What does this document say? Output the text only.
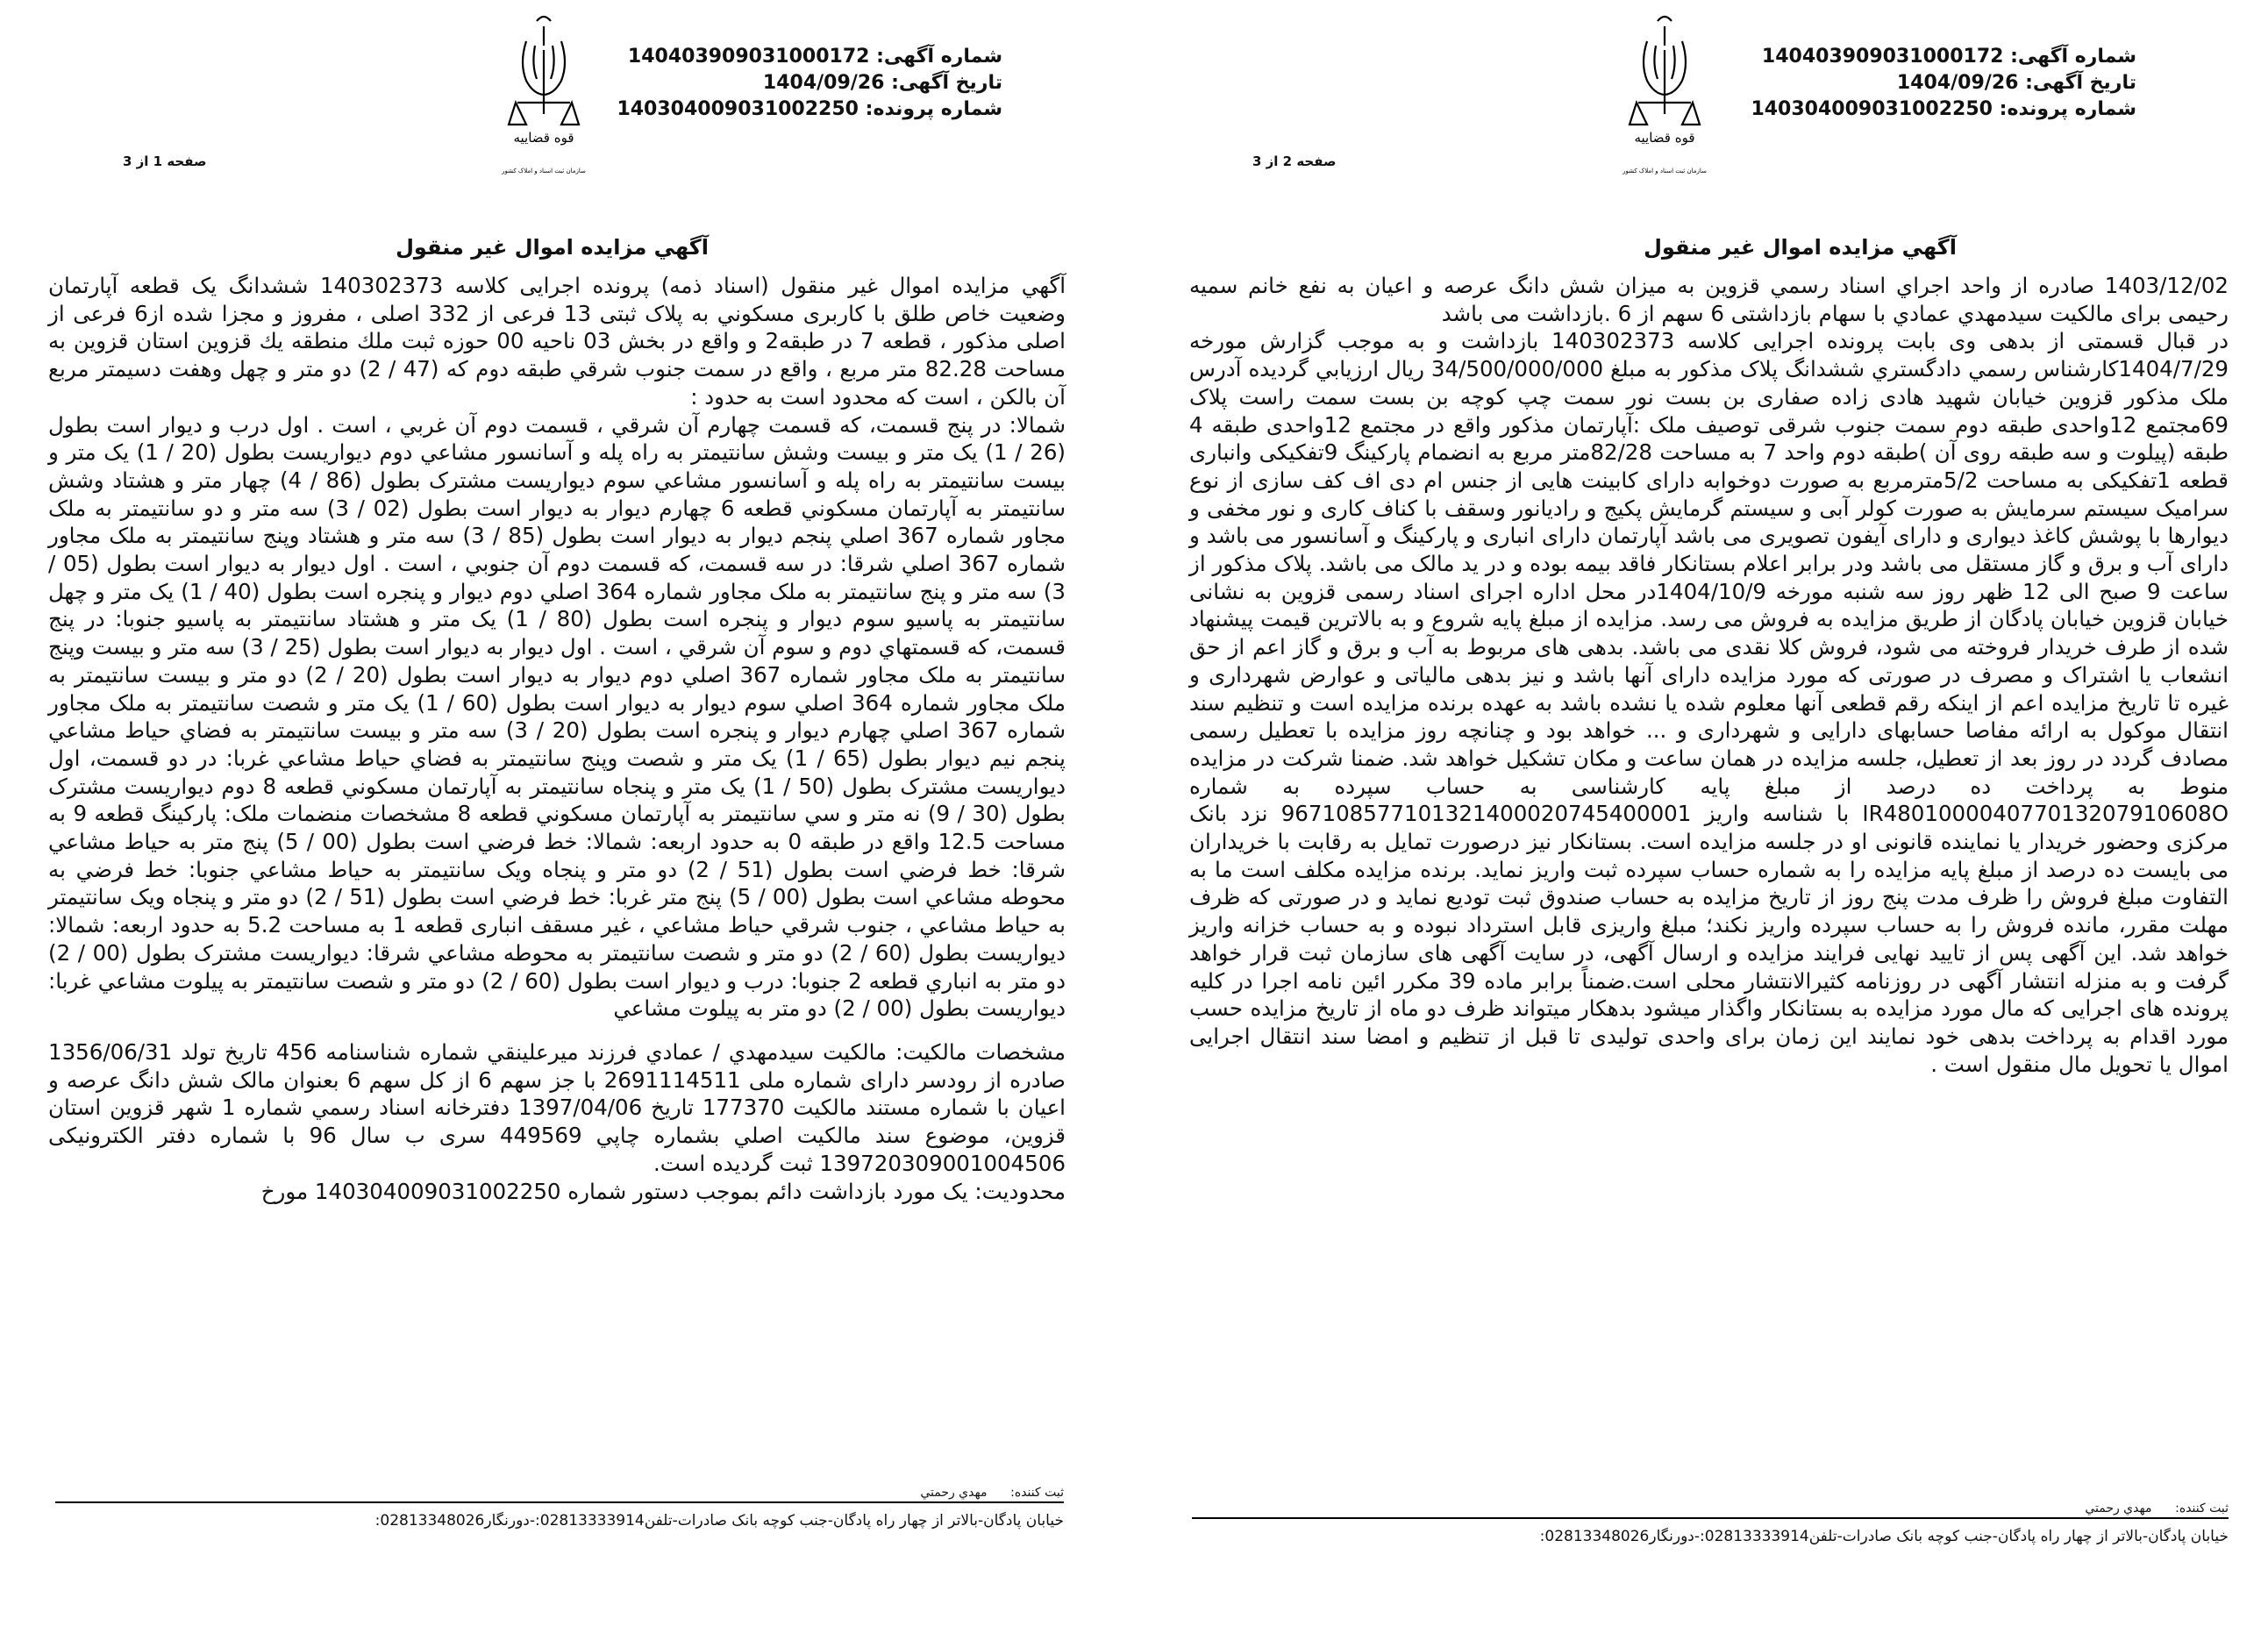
شماره آگهی: 140403909031000172
تاریخ آگهی: 1404/09/26
شماره پرونده: 140304009031002250
قوه قضاییه
سازمان ثبت اسناد و املاک کشور
صفحه 2 از 3
آگهي مزايده اموال غير منقول
1403/12/02 صادره از واحد اجراي اسناد رسمي قزوين به ميزان شش دانگ عرصه و اعيان به نفع خانم سميه رحيمی برای مالکيت سيدمهدي عمادي با سهام بازداشتی 6 سهم از 6 .بازداشت می باشد
در قبال قسمتی از بدهی وی بابت پرونده اجرايی کلاسه 140302373 بازداشت و به موجب گزارش مورخه 1404/7/29کارشناس رسمي دادگستري ششدانگ پلاک مذکور به مبلغ 34/500/000/000 ريال ارزيابي گرديده آدرس ملک مذکور قزوين خيابان شهيد هادی زاده صفاری بن بست نور سمت چپ کوچه بن بست سمت راست پلاک 69مجتمع 12واحدی طبقه دوم سمت جنوب شرقی توصيف ملک :آپارتمان مذکور واقع در مجتمع 12واحدی طبقه 4 طبقه (پيلوت و سه طبقه روی آن )طبقه دوم واحد 7 به مساحت 82/28متر مربع به انضمام پارکينگ 9تفکيکی وانباری قطعه 1تفکيکی به مساحت 5/2مترمربع به صورت دوخوابه دارای کابينت هايی از جنس ام دی اف کف سازی از نوع سراميک سيستم سرمايش به صورت کولر آبی و سيستم گرمايش پکيج و راديانور وسقف با کناف کاری و نور مخفی و ديوارها با پوشش کاغذ ديواری و دارای آيفون تصويری می باشد آپارتمان دارای انباری و پارکينگ و آسانسور می باشد و دارای آب و برق و گاز مستقل می باشد ودر برابر اعلام بستانکار فاقد بيمه بوده و در يد مالک می باشد. پلاک مذکور از ساعت 9 صبح الی 12 ظهر روز سه شنبه مورخه 1404/10/9در محل اداره اجرای اسناد رسمی قزوين به نشانی خيابان قزوين خيابان پادگان از طريق مزايده به فروش می رسد. مزايده از مبلغ پايه شروع و به بالاترين قيمت پيشنهاد شده از طرف خريدار فروخته می شود، فروش کلا نقدی می باشد. بدهی های مربوط به آب و برق و گاز اعم از حق انشعاب يا اشتراک و مصرف در صورتی که مورد مزايده دارای آنها باشد و نيز بدهی مالياتی و عوارض شهرداری و غيره تا تاريخ مزايده اعم از اينکه رقم قطعی آنها معلوم شده يا نشده باشد به عهده برنده مزايده است و تنظيم سند انتقال موکول به ارائه مفاصا حسابهای دارايی و شهرداری و ... خواهد بود و چنانچه روز مزايده با تعطيل رسمی مصادف گردد در روز بعد از تعطيل، جلسه مزايده در همان ساعت و مکان تشکيل خواهد شد. ضمنا شرکت در مزايده منوط به پرداخت ده درصد از مبلغ پايه کارشناسی به حساب سپرده به شماره IR480100004077013207910608O با شناسه واريز 967108577101321400020745400001 نزد بانک مرکزی وحضور خريدار يا نماينده قانونی او در جلسه مزايده است. بستانکار نيز درصورت تمايل به رقابت با خريداران می بايست ده درصد از مبلغ پايه مزايده را به شماره حساب سپرده ثبت واريز نمايد. برنده مزايده مکلف است ما به التفاوت مبلغ فروش را ظرف مدت پنج روز از تاريخ مزايده به حساب صندوق ثبت توديع نمايد و در صورتی که ظرف مهلت مقرر، مانده فروش را به حساب سپرده واريز نکند؛ مبلغ واريزی قابل استرداد نبوده و به حساب خزانه واريز خواهد شد. اين آگهی پس از تاييد نهايی فرايند مزايده و ارسال آگهی، در سايت آگهی های سازمان ثبت قرار خواهد گرفت و به منزله انتشار آگهی در روزنامه کثيرالانتشار محلی است.ضمناً برابر ماده 39 مکرر ائين نامه اجرا در کليه پرونده های اجرايی که مال مورد مزايده به بستانکار واگذار ميشود بدهکار ميتواند ظرف دو ماه از تاريخ مزايده حسب مورد اقدام به پرداخت بدهی خود نمايند اين زمان برای واحدی توليدی تا قبل از تنظيم و امضا سند انتقال اجرايی اموال يا تحويل مال منقول است .
ثبت کننده:      مهدي رحمتي
خيابان پادگان-بالاتر از چهار راه پادگان-جنب کوچه بانک صادرات-تلفن02813333914:-دورنگار02813348026:
شماره آگهی: 140403909031000172
تاریخ آگهی: 1404/09/26
شماره پرونده: 140304009031002250
قوه قضاییه
سازمان ثبت اسناد و املاک کشور
صفحه 1 از 3
آگهي مزايده اموال غير منقول
آگهي مزايده اموال غير منقول (اسناد ذمه) پرونده اجرايی کلاسه 140302373 ششدانگ يک قطعه آپارتمان وضعيت خاص طلق با کاربری مسکوني به پلاک ثبتی 13 فرعی از 332 اصلی ، مفروز و مجزا شده از6 فرعی از اصلی مذکور ، قطعه 7 در طبقه2 و واقع در بخش 03 ناحيه 00 حوزه ثبت ملك منطقه يك قزوين استان قزوين به مساحت 82.28 متر مربع ، واقع در سمت جنوب شرقي طبقه دوم كه (47 / 2) دو متر و چهل وهفت دسيمتر مربع آن بالكن ، است كه محدود است به حدود :
شمالا: در پنج قسمت، كه قسمت چهارم آن شرقي ، قسمت دوم آن غربي ، است . اول درب و ديوار است بطول (26 / 1) يک متر و بيست وشش سانتيمتر به راه پله و آسانسور مشاعي دوم ديواريست بطول (20 / 1) يک متر و بيست سانتيمتر به راه پله و آسانسور مشاعي سوم ديواريست مشترک بطول (86 / 4) چهار متر و هشتاد وشش سانتيمتر به آپارتمان مسكوني قطعه 6 چهارم ديوار به ديوار است بطول (02 / 3) سه متر و دو سانتيمتر به ملک مجاور شماره 367 اصلي پنجم ديوار به ديوار است بطول (85 / 3) سه متر و هشتاد وپنج سانتيمتر به ملک مجاور شماره 367 اصلي شرقا: در سه قسمت، كه قسمت دوم آن جنوبي ، است . اول ديوار به ديوار است بطول (05 / 3) سه متر و پنج سانتيمتر به ملک مجاور شماره 364 اصلي دوم ديوار و پنجره است بطول (40 / 1) يک متر و چهل سانتيمتر به پاسيو سوم ديوار و پنجره است بطول (80 / 1) يک متر و هشتاد سانتيمتر به پاسيو جنوبا: در پنج قسمت، كه قسمتهاي دوم و سوم آن شرقي ، است . اول ديوار به ديوار است بطول (25 / 3) سه متر و بيست وپنج سانتيمتر به ملک مجاور شماره 367 اصلي دوم ديوار به ديوار است بطول (20 / 2) دو متر و بيست سانتيمتر به ملک مجاور شماره 364 اصلي سوم ديوار به ديوار است بطول (60 / 1) يک متر و شصت سانتيمتر به ملک مجاور شماره 367 اصلي چهارم ديوار و پنجره است بطول (20 / 3) سه متر و بيست سانتيمتر به فضاي حياط مشاعي پنجم نيم ديوار بطول (65 / 1) يک متر و شصت وپنج سانتيمتر به فضاي حياط مشاعي غربا: در دو قسمت، اول ديواريست مشترک بطول (50 / 1) يک متر و پنجاه سانتيمتر به آپارتمان مسكوني قطعه 8 دوم ديواريست مشترک بطول (30 / 9) نه متر و سي سانتيمتر به آپارتمان مسكوني قطعه 8 مشخصات منضمات ملک: پارکينگ قطعه 9 به مساحت 12.5 واقع در طبقه 0 به حدود اربعه: شمالا: خط فرضي است بطول (00 / 5) پنج متر به حياط مشاعي شرقا: خط فرضي است بطول (51 / 2) دو متر و پنجاه ويک سانتيمتر به حياط مشاعي جنوبا: خط فرضي به محوطه مشاعي است بطول (00 / 5) پنج متر غربا: خط فرضي است بطول (51 / 2) دو متر و پنجاه ويک سانتيمتر به حياط مشاعي ، جنوب شرقي حياط مشاعي ، غير مسقف انباری قطعه 1 به مساحت 5.2 به حدود اربعه: شمالا: ديواريست بطول (60 / 2) دو متر و شصت سانتيمتر به محوطه مشاعي شرقا: ديواريست مشترک بطول (00 / 2) دو متر به انباري قطعه 2 جنوبا: درب و ديوار است بطول (60 / 2) دو متر و شصت سانتيمتر به پيلوت مشاعي غربا: ديواريست بطول (00 / 2) دو متر به پيلوت مشاعي
مشخصات مالكيت: مالكيت سيدمهدي / عمادي فرزند ميرعلينقي شماره شناسنامه 456 تاريخ تولد 1356/06/31 صادره از رودسر دارای شماره ملی 2691114511 با جز سهم 6 از کل سهم 6 بعنوان مالک شش دانگ عرصه و اعيان با شماره مستند مالكيت 177370 تاريخ 1397/04/06 دفترخانه اسناد رسمي شماره 1 شهر قزوين استان قزوين، موضوع سند مالكيت اصلي بشماره چاپي 449569 سری ب سال 96 با شماره دفتر الكترونيكی 139720309001004506 ثبت گرديده است.
محدوديت: يک مورد بازداشت دائم بموجب دستور شماره 140304009031002250 مورخ
ثبت کننده:      مهدي رحمتي
خيابان پادگان-بالاتر از چهار راه پادگان-جنب کوچه بانک صادرات-تلفن02813333914:-دورنگار02813348026:
